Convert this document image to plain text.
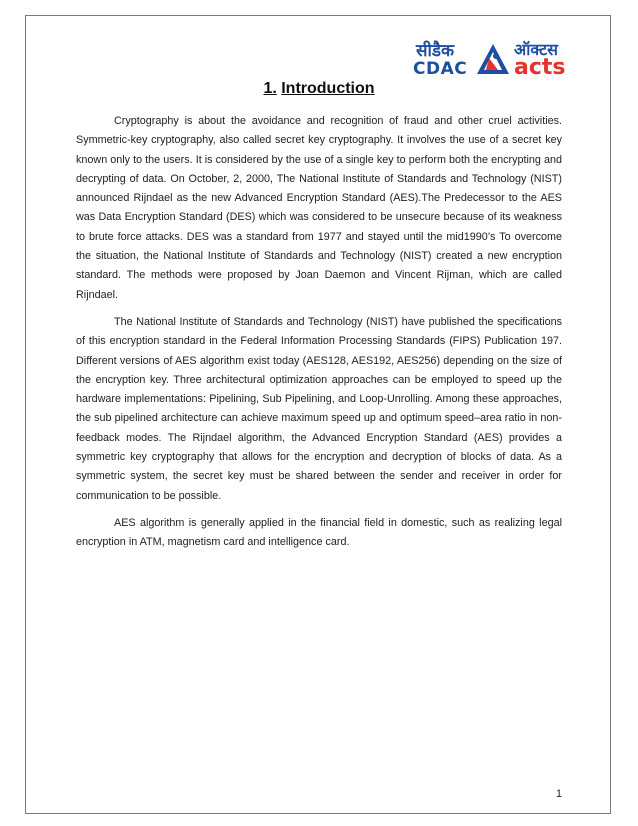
सीडैक
CDAC
ऑक्टस
acts
1. Introduction

Cryptography is about the avoidance and recognition of fraud and other cruel activities. Symmetric-key cryptography, also called secret key cryptography. It involves the use of a secret key known only to the users. It is considered by the use of a single key to perform both the encrypting and decrypting of data. On October, 2, 2000, The National Institute of Standards and Technology (NIST) announced Rijndael as the new Advanced Encryption Standard (AES).The Predecessor to the AES was Data Encryption Standard (DES) which was considered to be unsecure because of its weakness to brute force attacks. DES was a standard from 1977 and stayed until the mid1990’s To overcome the situation, the National Institute of Standards and Technology (NIST) created a new encryption standard. The methods were proposed by Joan Daemon and Vincent Rijman, which are called Rijndael.

The National Institute of Standards and Technology (NIST) have published the specifications of this encryption standard in the Federal Information Processing Standards (FIPS) Publication 197. Different versions of AES algorithm exist today (AES128, AES192, AES256) depending on the size of the encryption key. Three architectural optimization approaches can be employed to speed up the hardware implementations: Pipelining, Sub Pipelining, and Loop-Unrolling. Among these approaches, the sub pipelined architecture can achieve maximum speed up and optimum speed–area ratio in non-feedback modes. The Rijndael algorithm, the Advanced Encryption Standard (AES) provides a symmetric key cryptography that allows for the encryption and decryption of blocks of data. As a symmetric system, the secret key must be shared between the sender and receiver in order for communication to be possible.

AES algorithm is generally applied in the financial field in domestic, such as realizing legal encryption in ATM, magnetism card and intelligence card.

1
